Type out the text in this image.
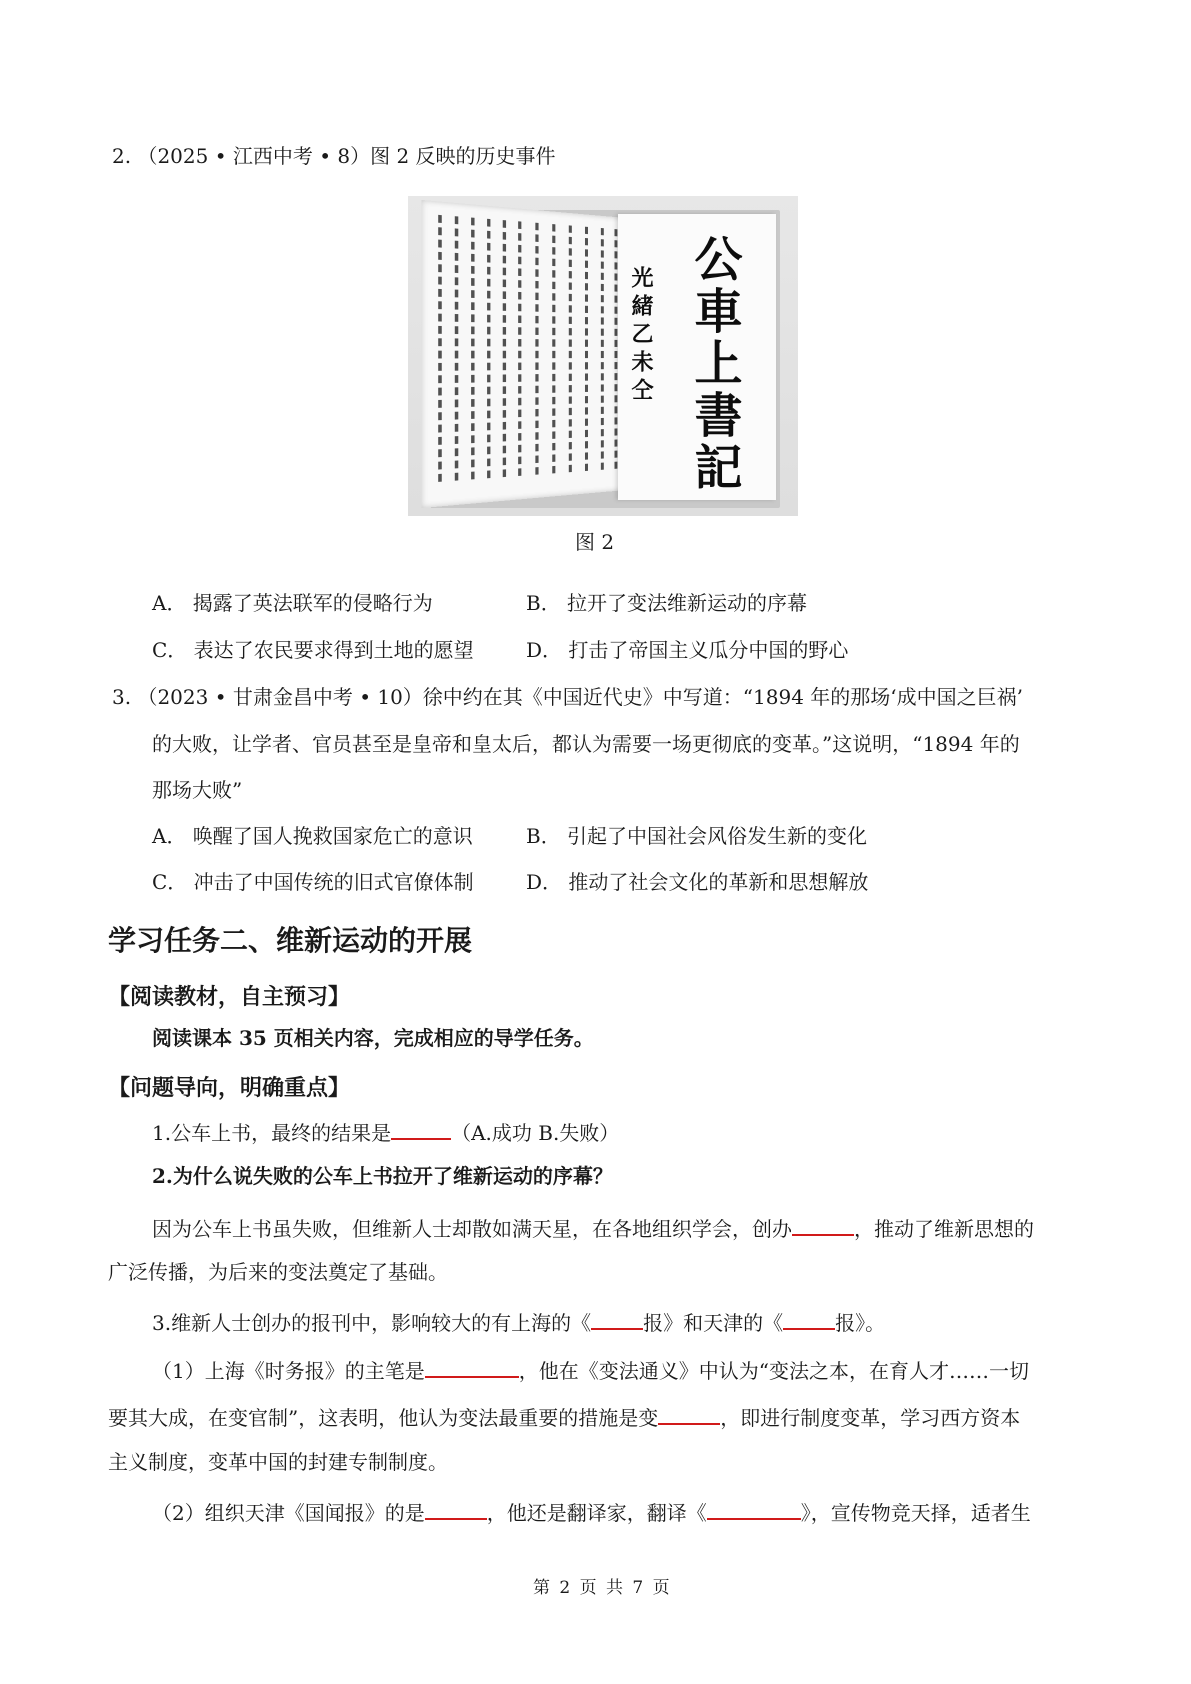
2. （2025 • 江西中考 • 8）图 2 反映的历史事件
光緒乙未仝 公車上書記
图 2
A． 揭露了英法联军的侵略行为	B． 拉开了变法维新运动的序幕
C． 表达了农民要求得到土地的愿望	D． 打击了帝国主义瓜分中国的野心
3. （2023 • 甘肃金昌中考 • 10）徐中约在其《中国近代史》中写道：“1894 年的那场‘成中国之巨祸’
的大败，让学者、官员甚至是皇帝和皇太后，都认为需要一场更彻底的变革。”这说明，“1894 年的
那场大败”
A． 唤醒了国人挽救国家危亡的意识	B． 引起了中国社会风俗发生新的变化
C． 冲击了中国传统的旧式官僚体制	D． 推动了社会文化的革新和思想解放
学习任务二、维新运动的开展
【阅读教材，自主预习】
阅读课本 35 页相关内容，完成相应的导学任务。
【问题导向，明确重点】
1.公车上书，最终的结果是	（A.成功 B.失败）
2.为什么说失败的公车上书拉开了维新运动的序幕？
因为公车上书虽失败，但维新人士却散如满天星，在各地组织学会，创办	，推动了维新思想的
广泛传播，为后来的变法奠定了基础。
3.维新人士创办的报刊中，影响较大的有上海的《	报》和天津的《	报》。
（1）上海《时务报》的主笔是	，他在《变法通义》中认为“变法之本，在育人才……一切
要其大成，在变官制”，这表明，他认为变法最重要的措施是变	，即进行制度变革，学习西方资本
主义制度，变革中国的封建专制制度。
（2）组织天津《国闻报》的是	，他还是翻译家，翻译《	》，宣传物竞天择，适者生
第 2 页 共 7 页
